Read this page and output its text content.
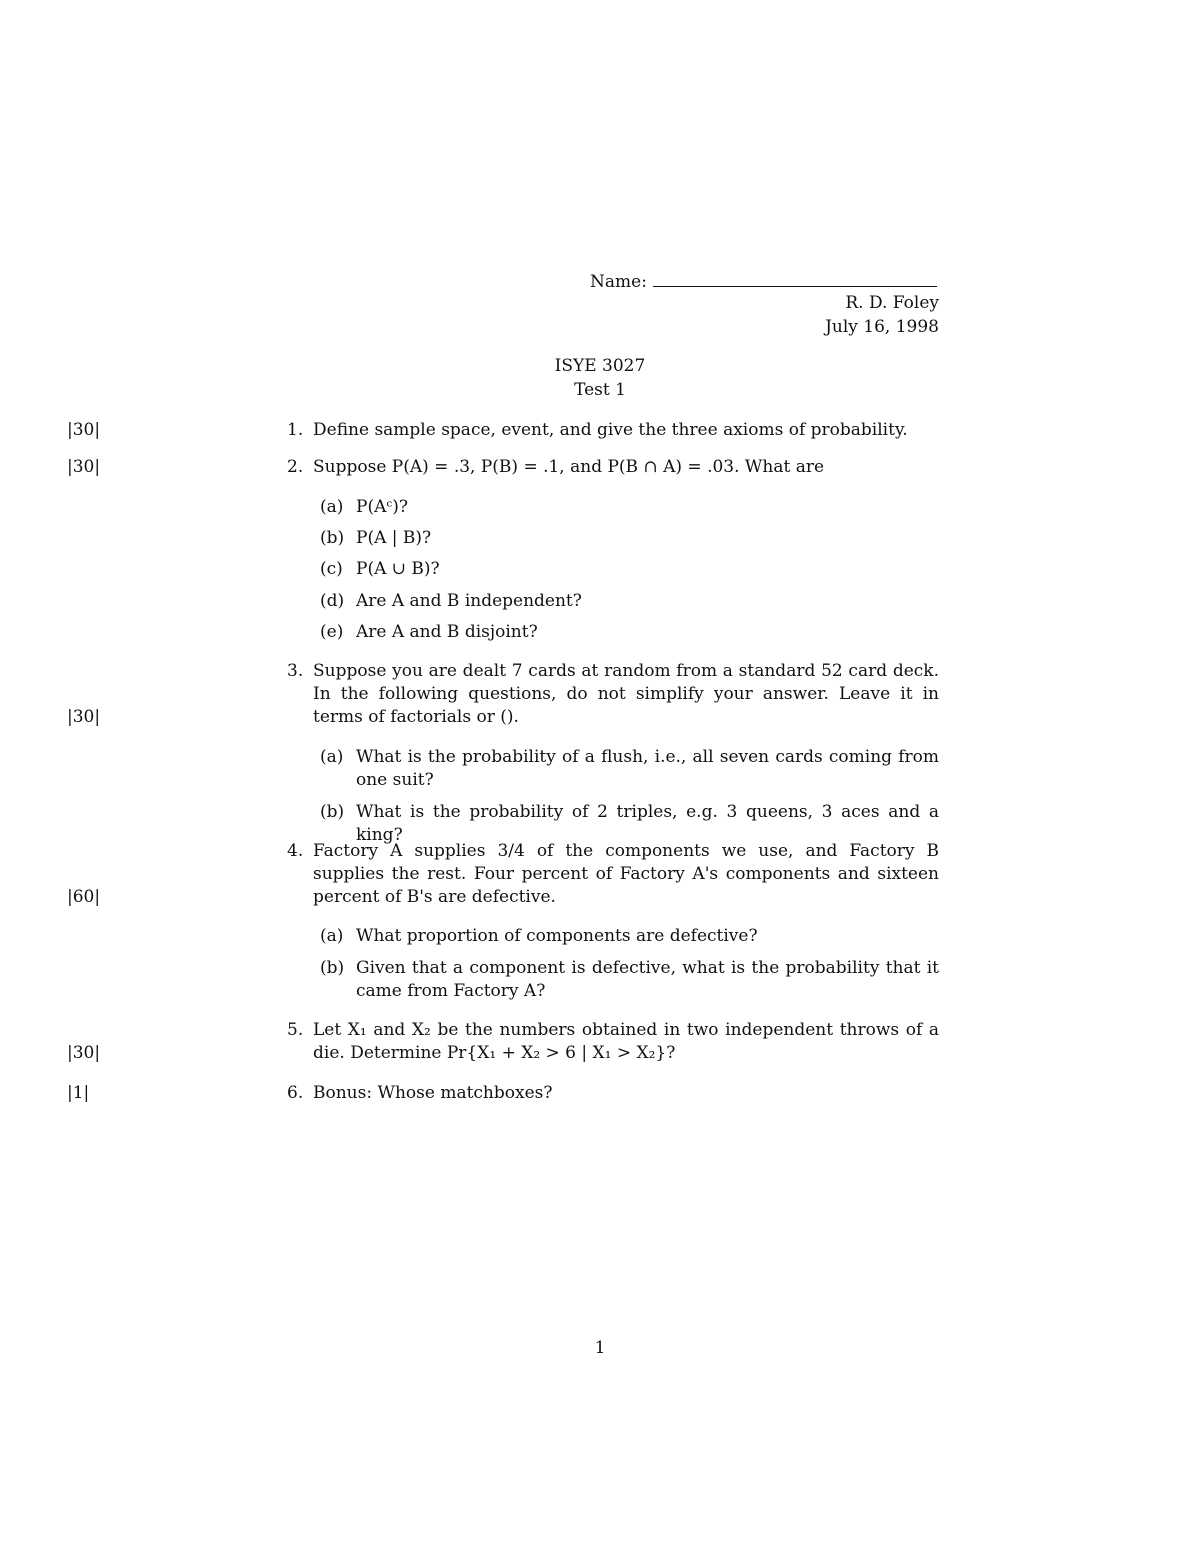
Name:
R. D. Foley
July 16, 1998
ISYE 3027
Test 1
|30|	1. Define sample space, event, and give the three axioms of probability.
|30|	2. Suppose P(A) = .3, P(B) = .1, and P(B ∩ A) = .03. What are
(a) P(Aᶜ)?
(b) P(A | B)?
(c) P(A ∪ B)?
(d) Are A and B independent?
(e) Are A and B disjoint?
|30|
3. Suppose you are dealt 7 cards at random from a standard 52 card deck. In the following questions, do not simplify your answer. Leave it in terms of factorials or ().
(a) What is the probability of a flush, i.e., all seven cards coming from one suit?
(b) What is the probability of 2 triples, e.g. 3 queens, 3 aces and a king?
|60|
4. Factory A supplies 3/4 of the components we use, and Factory B supplies the rest. Four percent of Factory A's components and sixteen percent of B's are defective.
(a) What proportion of components are defective?
(b) Given that a component is defective, what is the probability that it came from Factory A?
|30|
5. Let X₁ and X₂ be the numbers obtained in two independent throws of a die. Determine Pr{X₁ + X₂ > 6 | X₁ > X₂}?
|1|	6. Bonus: Whose matchboxes?
1
